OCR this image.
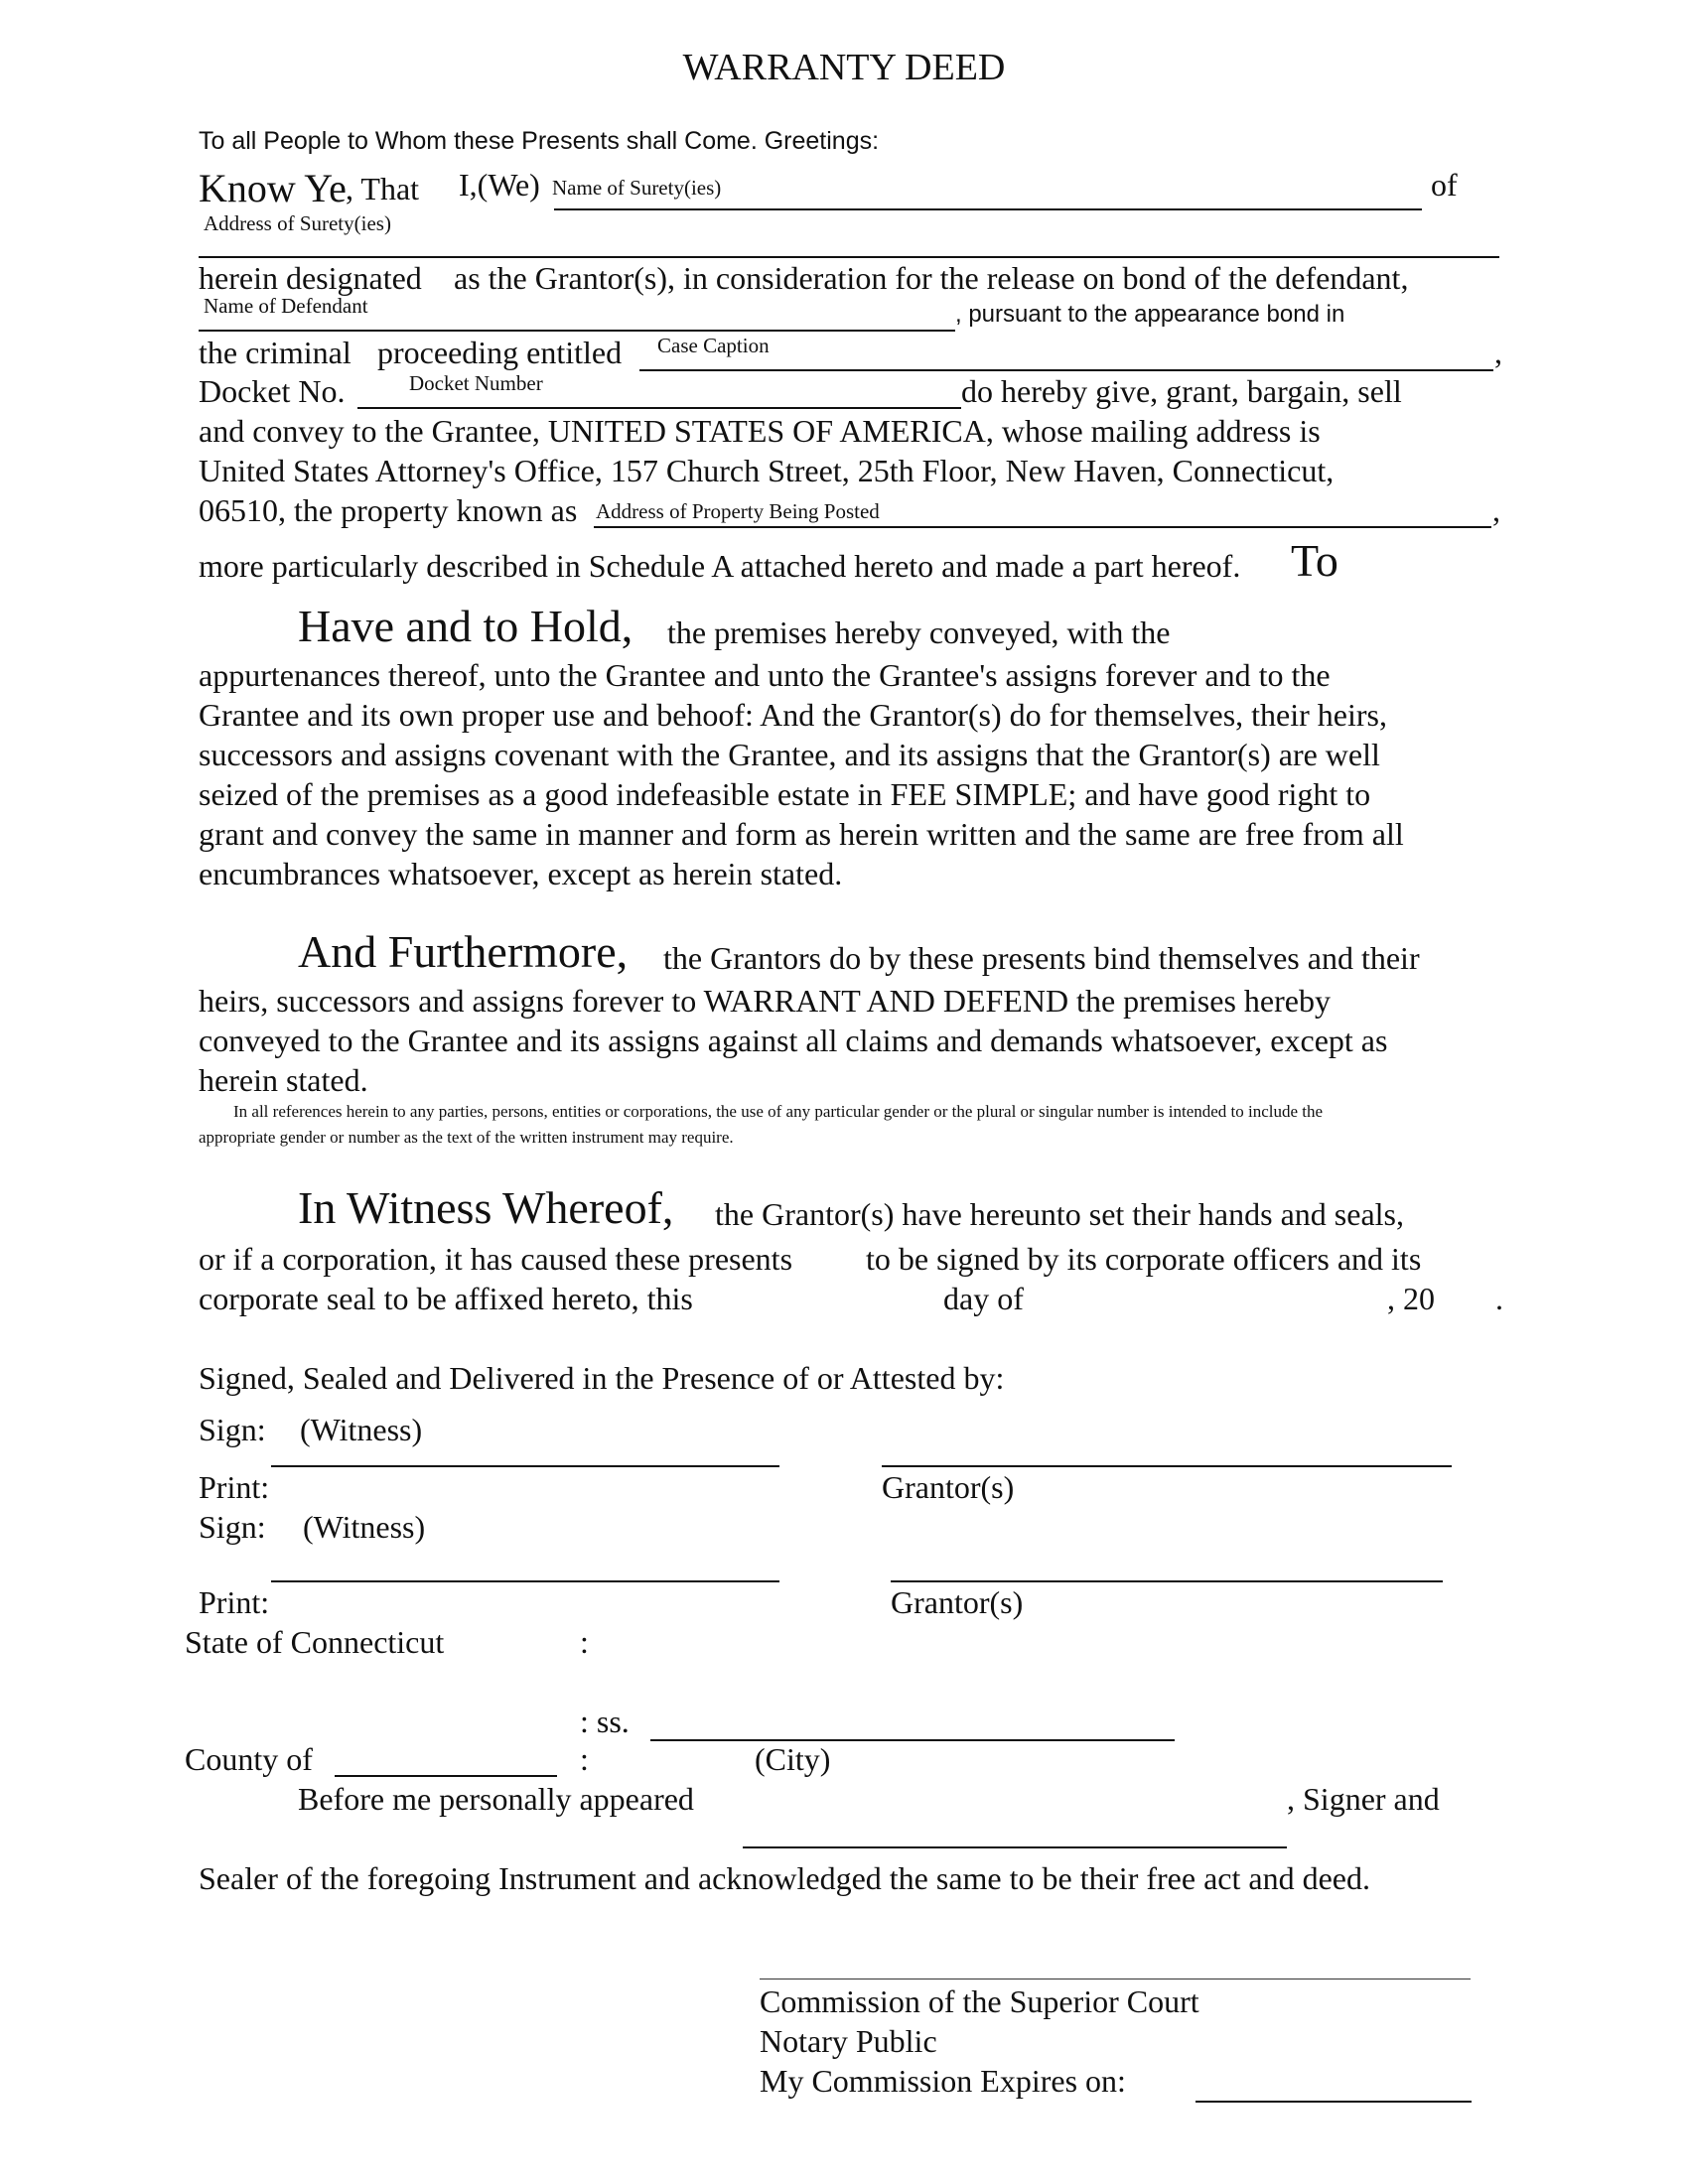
WARRANTY DEED
To all People to Whom these Presents shall Come. Greetings:
Know Ye , That I,(We) Name of Surety(ies)	of
Address of Surety(ies)
herein designated as the Grantor(s), in consideration for the release on bond of the defendant,
Name of Defendant	, pursuant to the appearance bond in
the criminal proceeding entitled Case Caption	,
Docket No.	Docket Number	do hereby give, grant, bargain, sell
and convey to the Grantee, UNITED STATES OF AMERICA, whose mailing address is
United States Attorney's Office, 157 Church Street, 25th Floor, New Haven, Connecticut,
06510, the property known as Address of Property Being Posted	,
more particularly described in Schedule A attached hereto and made a part hereof. To
Have and to Hold, the premises hereby conveyed, with the
appurtenances thereof, unto the Grantee and unto the Grantee's assigns forever and to the
Grantee and its own proper use and behoof: And the Grantor(s) do for themselves, their heirs,
successors and assigns covenant with the Grantee, and its assigns that the Grantor(s) are well
seized of the premises as a good indefeasible estate in FEE SIMPLE; and have good right to
grant and convey the same in manner and form as herein written and the same are free from all
encumbrances whatsoever, except as herein stated.
And Furthermore, the Grantors do by these presents bind themselves and their
heirs, successors and assigns forever to WARRANT AND DEFEND the premises hereby
conveyed to the Grantee and its assigns against all claims and demands whatsoever, except as
herein stated.
In all references herein to any parties, persons, entities or corporations, the use of any particular gender or the plural or singular number is intended to include the
appropriate gender or number as the text of the written instrument may require.
In Witness Whereof, the Grantor(s) have hereunto set their hands and seals,
or if a corporation, it has caused these presents to be signed by its corporate officers and its
corporate seal to be affixed hereto, this	day of	, 20 .
Signed, Sealed and Delivered in the Presence of or Attested by:
Sign: (Witness)
Print:	Grantor(s)
Sign: (Witness)
Print:	Grantor(s)
State of Connecticut	:
: ss.
County of	:	(City)
Before me personally appeared	, Signer and
Sealer of the foregoing Instrument and acknowledged the same to be their free act and deed.
Commission of the Superior Court
Notary Public
My Commission Expires on:
